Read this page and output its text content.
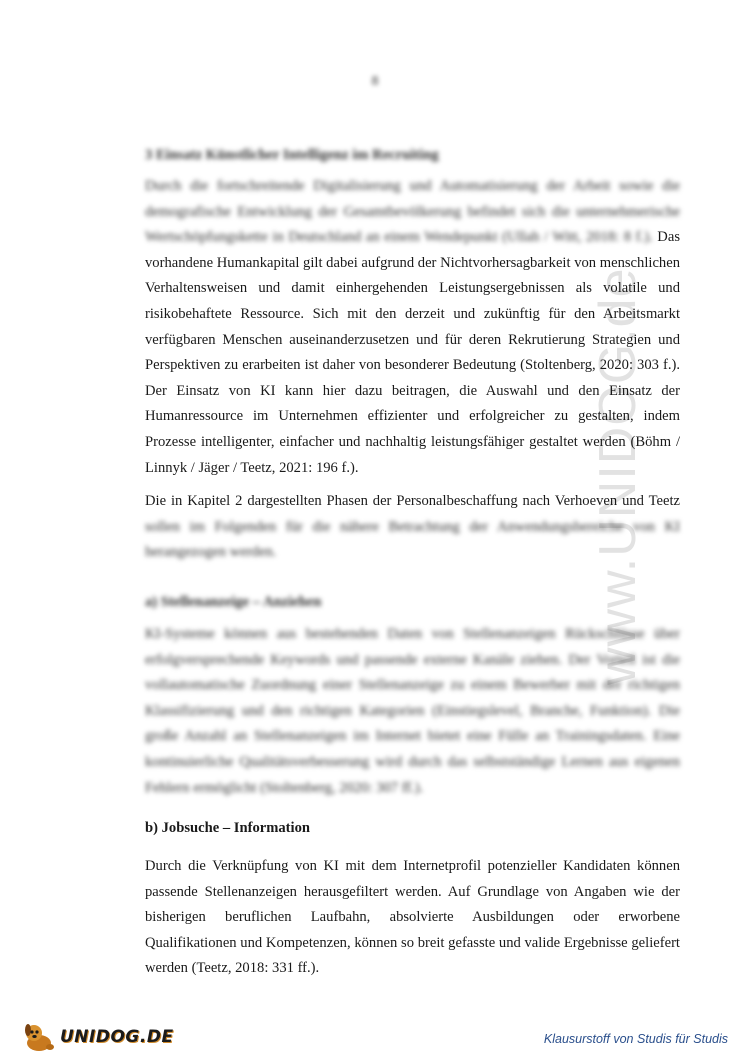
8
www.UNIDOG.de
3 Einsatz Künstlicher Intelligenz im Recruiting

Durch die fortschreitende Digitalisierung und Automatisierung der Arbeit sowie die demografische Entwicklung der Gesamtbevölkerung befindet sich die unternehmerische Wertschöpfungskette in Deutschland an einem Wendepunkt (Ullah / Witt, 2018: 8 f.). Das vorhandene Humankapital gilt dabei aufgrund der Nichtvorhersagbarkeit von menschlichen Verhaltensweisen und damit einhergehenden Leistungsergebnissen als volatile und risikobehaftete Ressource. Sich mit den derzeit und zukünftig für den Arbeitsmarkt verfügbaren Menschen auseinanderzusetzen und für deren Rekrutierung Strategien und Perspektiven zu erarbeiten ist daher von besonderer Bedeutung (Stoltenberg, 2020: 303 f.). Der Einsatz von KI kann hier dazu beitragen, die Auswahl und den Einsatz der Humanressource im Unternehmen effizienter und erfolgreicher zu gestalten, indem Prozesse intelligenter, einfacher und nachhaltig leistungsfähiger gestaltet werden (Böhm / Linnyk / Jäger / Teetz, 2021: 196 f.).

Die in Kapitel 2 dargestellten Phasen der Personalbeschaffung nach Verhoeven und Teetz sollen im Folgenden für die nähere Betrachtung der Anwendungsbereiche von KI herangezogen werden.

a) Stellenanzeige – Anziehen
KI-Systeme können aus bestehenden Daten von Stellenanzeigen Rückschlüsse über erfolgversprechende Keywords und passende externe Kanäle ziehen. Der Vorteil ist die vollautomatische Zuordnung einer Stellenanzeige zu einem Bewerber mit der richtigen Klassifizierung und den richtigen Kategorien (Einstiegslevel, Branche, Funktion). Die große Anzahl an Stellenanzeigen im Internet bietet eine Fülle an Trainingsdaten. Eine kontinuierliche Qualitätsverbesserung wird durch das selbstständige Lernen aus eigenen Fehlern ermöglicht (Stoltenberg, 2020: 307 ff.).
b) Jobsuche – Information
Durch die Verknüpfung von KI mit dem Internetprofil potenzieller Kandidaten können passende Stellenanzeigen herausgefiltert werden. Auf Grundlage von Angaben wie der bisherigen beruflichen Laufbahn, absolvierte Ausbildungen oder erworbene Qualifikationen und Kompetenzen, können so breit gefasste und valide Ergebnisse geliefert werden (Teetz, 2018: 331 ff.).
UNIDOG.DE	Klausurstoff von Studis für Studis
